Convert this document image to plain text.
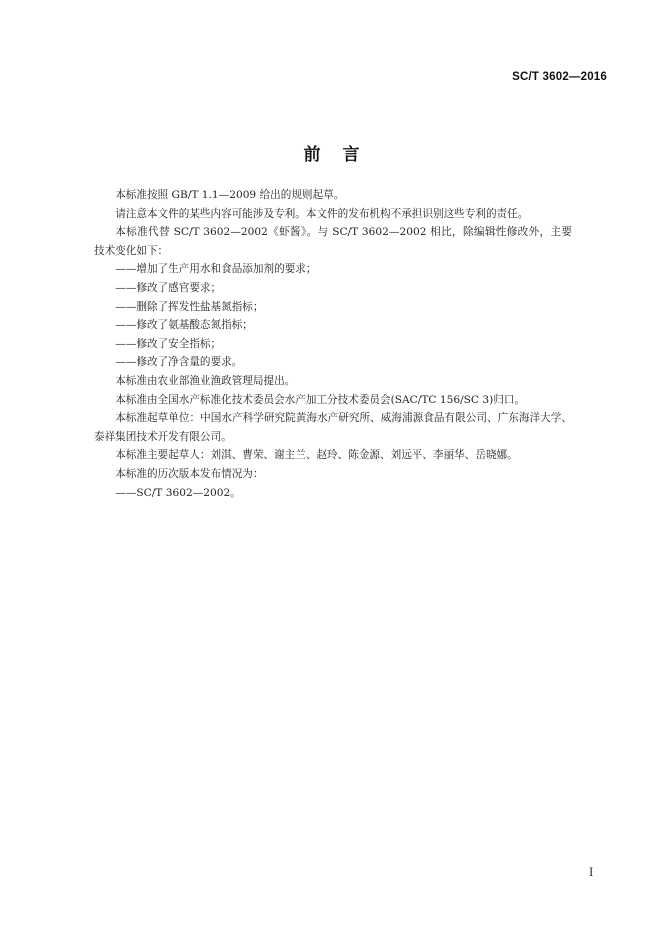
SC/T 3602—2016
前言

本标准按照 GB/T 1.1—2009 给出的规则起草。

请注意本文件的某些内容可能涉及专利。本文件的发布机构不承担识别这些专利的责任。

本标准代替 SC/T 3602—2002《虾酱》。与 SC/T 3602—2002 相比，除编辑性修改外，主要技术变化如下：

——增加了生产用水和食品添加剂的要求；

——修改了感官要求；

——删除了挥发性盐基氮指标；

——修改了氨基酸态氮指标；

——修改了安全指标；

——修改了净含量的要求。

本标准由农业部渔业渔政管理局提出。

本标准由全国水产标准化技术委员会水产加工分技术委员会(SAC/TC 156/SC 3)归口。

本标准起草单位：中国水产科学研究院黄海水产研究所、威海浦源食品有限公司、广东海洋大学、泰祥集团技术开发有限公司。

本标准主要起草人：刘淇、曹荣、谢主兰、赵玲、陈金源、刘远平、李丽华、岳晓娜。

本标准的历次版本发布情况为：

——SC/T 3602—2002。

I
